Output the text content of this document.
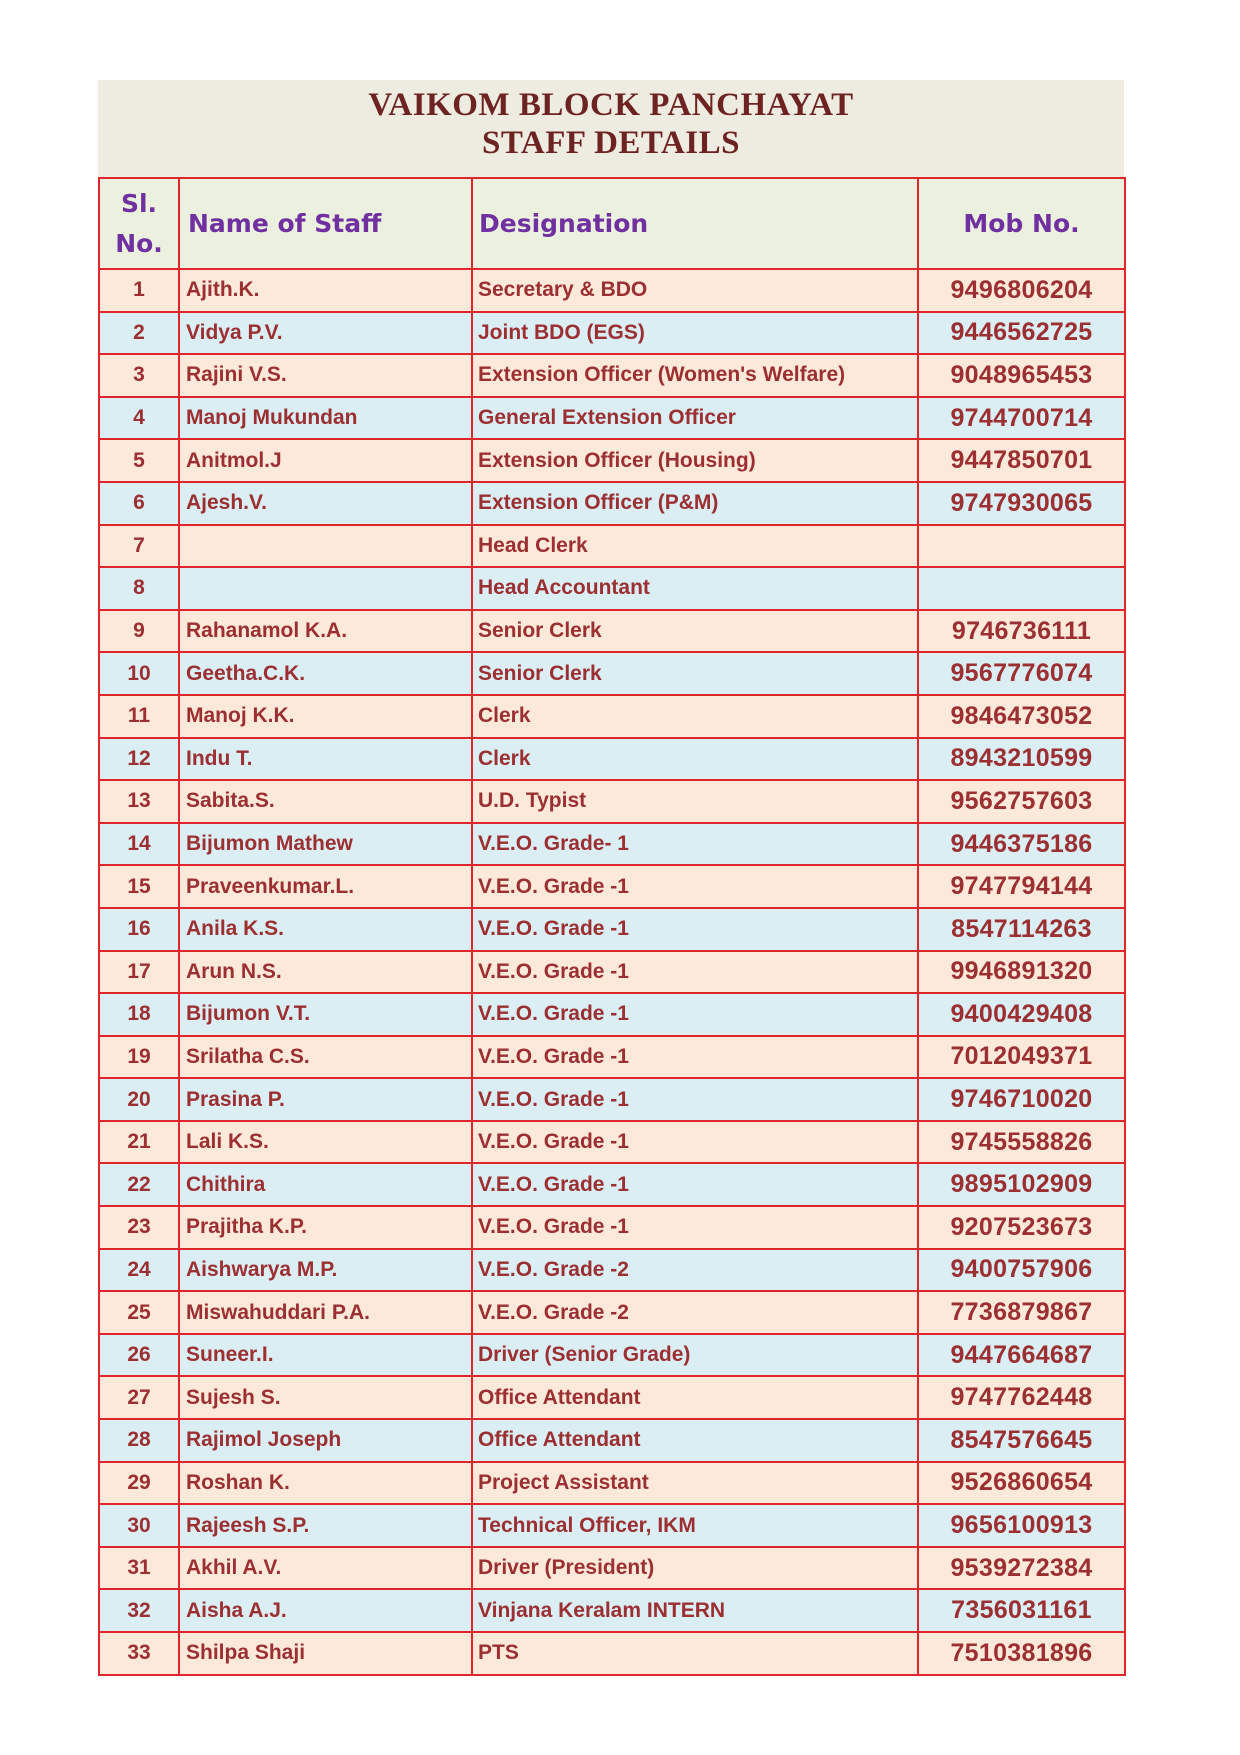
VAIKOM BLOCK PANCHAYAT
STAFF DETAILS
Sl.
No.	Name of Staff	Designation	Mob No.
1	Ajith.K.	Secretary & BDO	9496806204
2	Vidya P.V.	Joint BDO (EGS)	9446562725
3	Rajini V.S.	Extension Officer (Women's Welfare)	9048965453
4	Manoj Mukundan	General Extension Officer	9744700714
5	Anitmol.J	Extension Officer (Housing)	9447850701
6	Ajesh.V.	Extension Officer (P&M)	9747930065
7		Head Clerk	
8		Head Accountant	
9	Rahanamol K.A.	Senior Clerk	9746736111
10	Geetha.C.K.	Senior Clerk	9567776074
11	Manoj K.K.	Clerk	9846473052
12	Indu T.	Clerk	8943210599
13	Sabita.S.	U.D. Typist	9562757603
14	Bijumon Mathew	V.E.O. Grade- 1	9446375186
15	Praveenkumar.L.	V.E.O. Grade -1	9747794144
16	Anila K.S.	V.E.O. Grade -1	8547114263
17	Arun N.S.	V.E.O. Grade -1	9946891320
18	Bijumon V.T.	V.E.O. Grade -1	9400429408
19	Srilatha C.S.	V.E.O. Grade -1	7012049371
20	Prasina P.	V.E.O. Grade -1	9746710020
21	Lali K.S.	V.E.O. Grade -1	9745558826
22	Chithira	V.E.O. Grade -1	9895102909
23	Prajitha K.P.	V.E.O. Grade -1	9207523673
24	Aishwarya M.P.	V.E.O. Grade -2	9400757906
25	Miswahuddari P.A.	V.E.O. Grade -2	7736879867
26	Suneer.I.	Driver (Senior Grade)	9447664687
27	Sujesh S.	Office Attendant	9747762448
28	Rajimol Joseph	Office Attendant	8547576645
29	Roshan K.	Project Assistant	9526860654
30	Rajeesh S.P.	Technical Officer, IKM	9656100913
31	Akhil A.V.	Driver (President)	9539272384
32	Aisha A.J.	Vinjana Keralam INTERN	7356031161
33	Shilpa Shaji	PTS	7510381896
